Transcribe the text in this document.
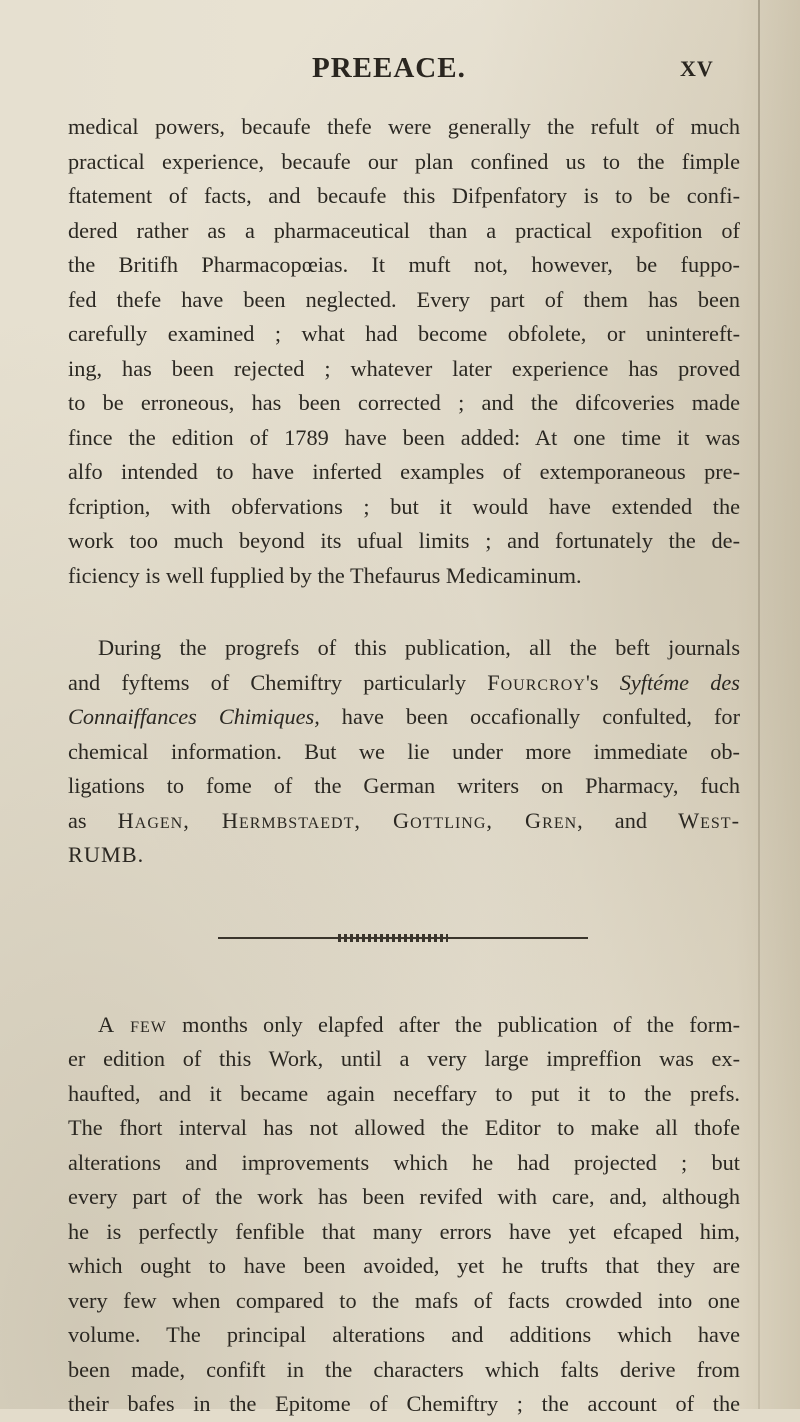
PREEACE.	XV
medical powers, becaufe thefe were generally the refult of much
practical experience, becaufe our plan confined us to the fimple
ftatement of facts, and becaufe this Difpenfatory is to be confi-
dered rather as a pharmaceutical than a practical expofition of
the Britifh Pharmacopœias. It muft not, however, be fuppo-
fed thefe have been neglected. Every part of them has been
carefully examined ; what had become obfolete, or unintereft-
ing, has been rejected ; whatever later experience has proved
to be erroneous, has been corrected ; and the difcoveries made
fince the edition of 1789 have been added: At one time it was
alfo intended to have inferted examples of extemporaneous pre-
fcription, with obfervations ; but it would have extended the
work too much beyond its ufual limits ; and fortunately the de-
ficiency is well fupplied by the Thefaurus Medicaminum.
During the progrefs of this publication, all the beft journals
and fyftems of Chemiftry particularly Fourcroy's Syftéme des
Connaiffances Chimiques, have been occafionally confulted, for
chemical information. But we lie under more immediate ob-
ligations to fome of the German writers on Pharmacy, fuch
as Hagen, Hermbstaedt, Gottling, Gren, and West-
RUMB.
A few months only elapfed after the publication of the form-
er edition of this Work, until a very large impreffion was ex-
haufted, and it became again neceffary to put it to the prefs.
The fhort interval has not allowed the Editor to make all thofe
alterations and improvements which he had projected ; but
every part of the work has been revifed with care, and, although
he is perfectly fenfible that many errors have yet efcaped him,
which ought to have been avoided, yet he trufts that they are
very few when compared to the mafs of facts crowded into one
volume. The principal alterations and additions which have
been made, confift in the characters which falts derive from
their bafes in the Epitome of Chemiftry ; the account of the
